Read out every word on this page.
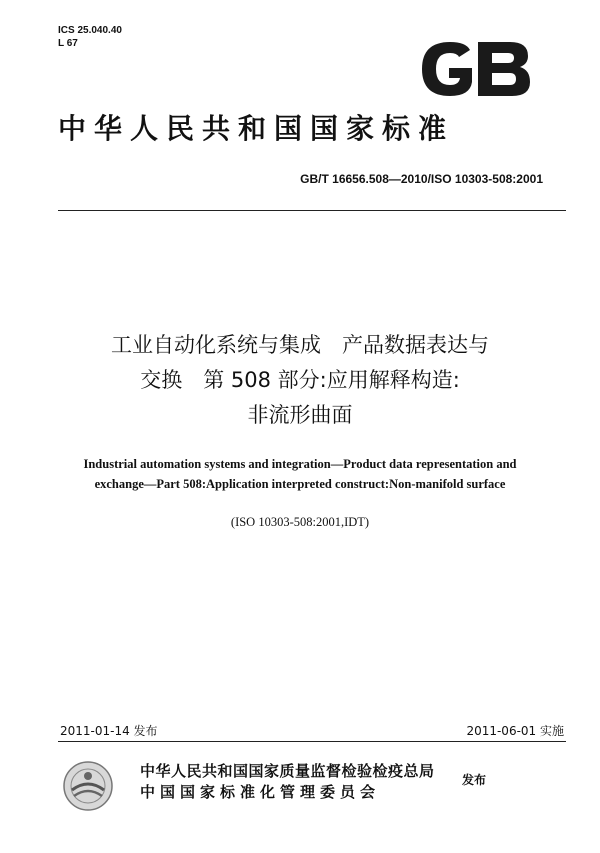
ICS 25.040.40
L 67
中华人民共和国国家标准
GB/T 16656.508—2010/ISO 10303-508:2001
工业自动化系统与集成　产品数据表达与
交换　第 508 部分:应用解释构造:
非流形曲面
Industrial automation systems and integration—Product data representation and
exchange—Part 508:Application interpreted construct:Non-manifold surface
(ISO 10303-508:2001,IDT)
2011-01-14 发布	2011-06-01 实施
中华人民共和国国家质量监督检验检疫总局
中国国家标准化管理委员会
发布
